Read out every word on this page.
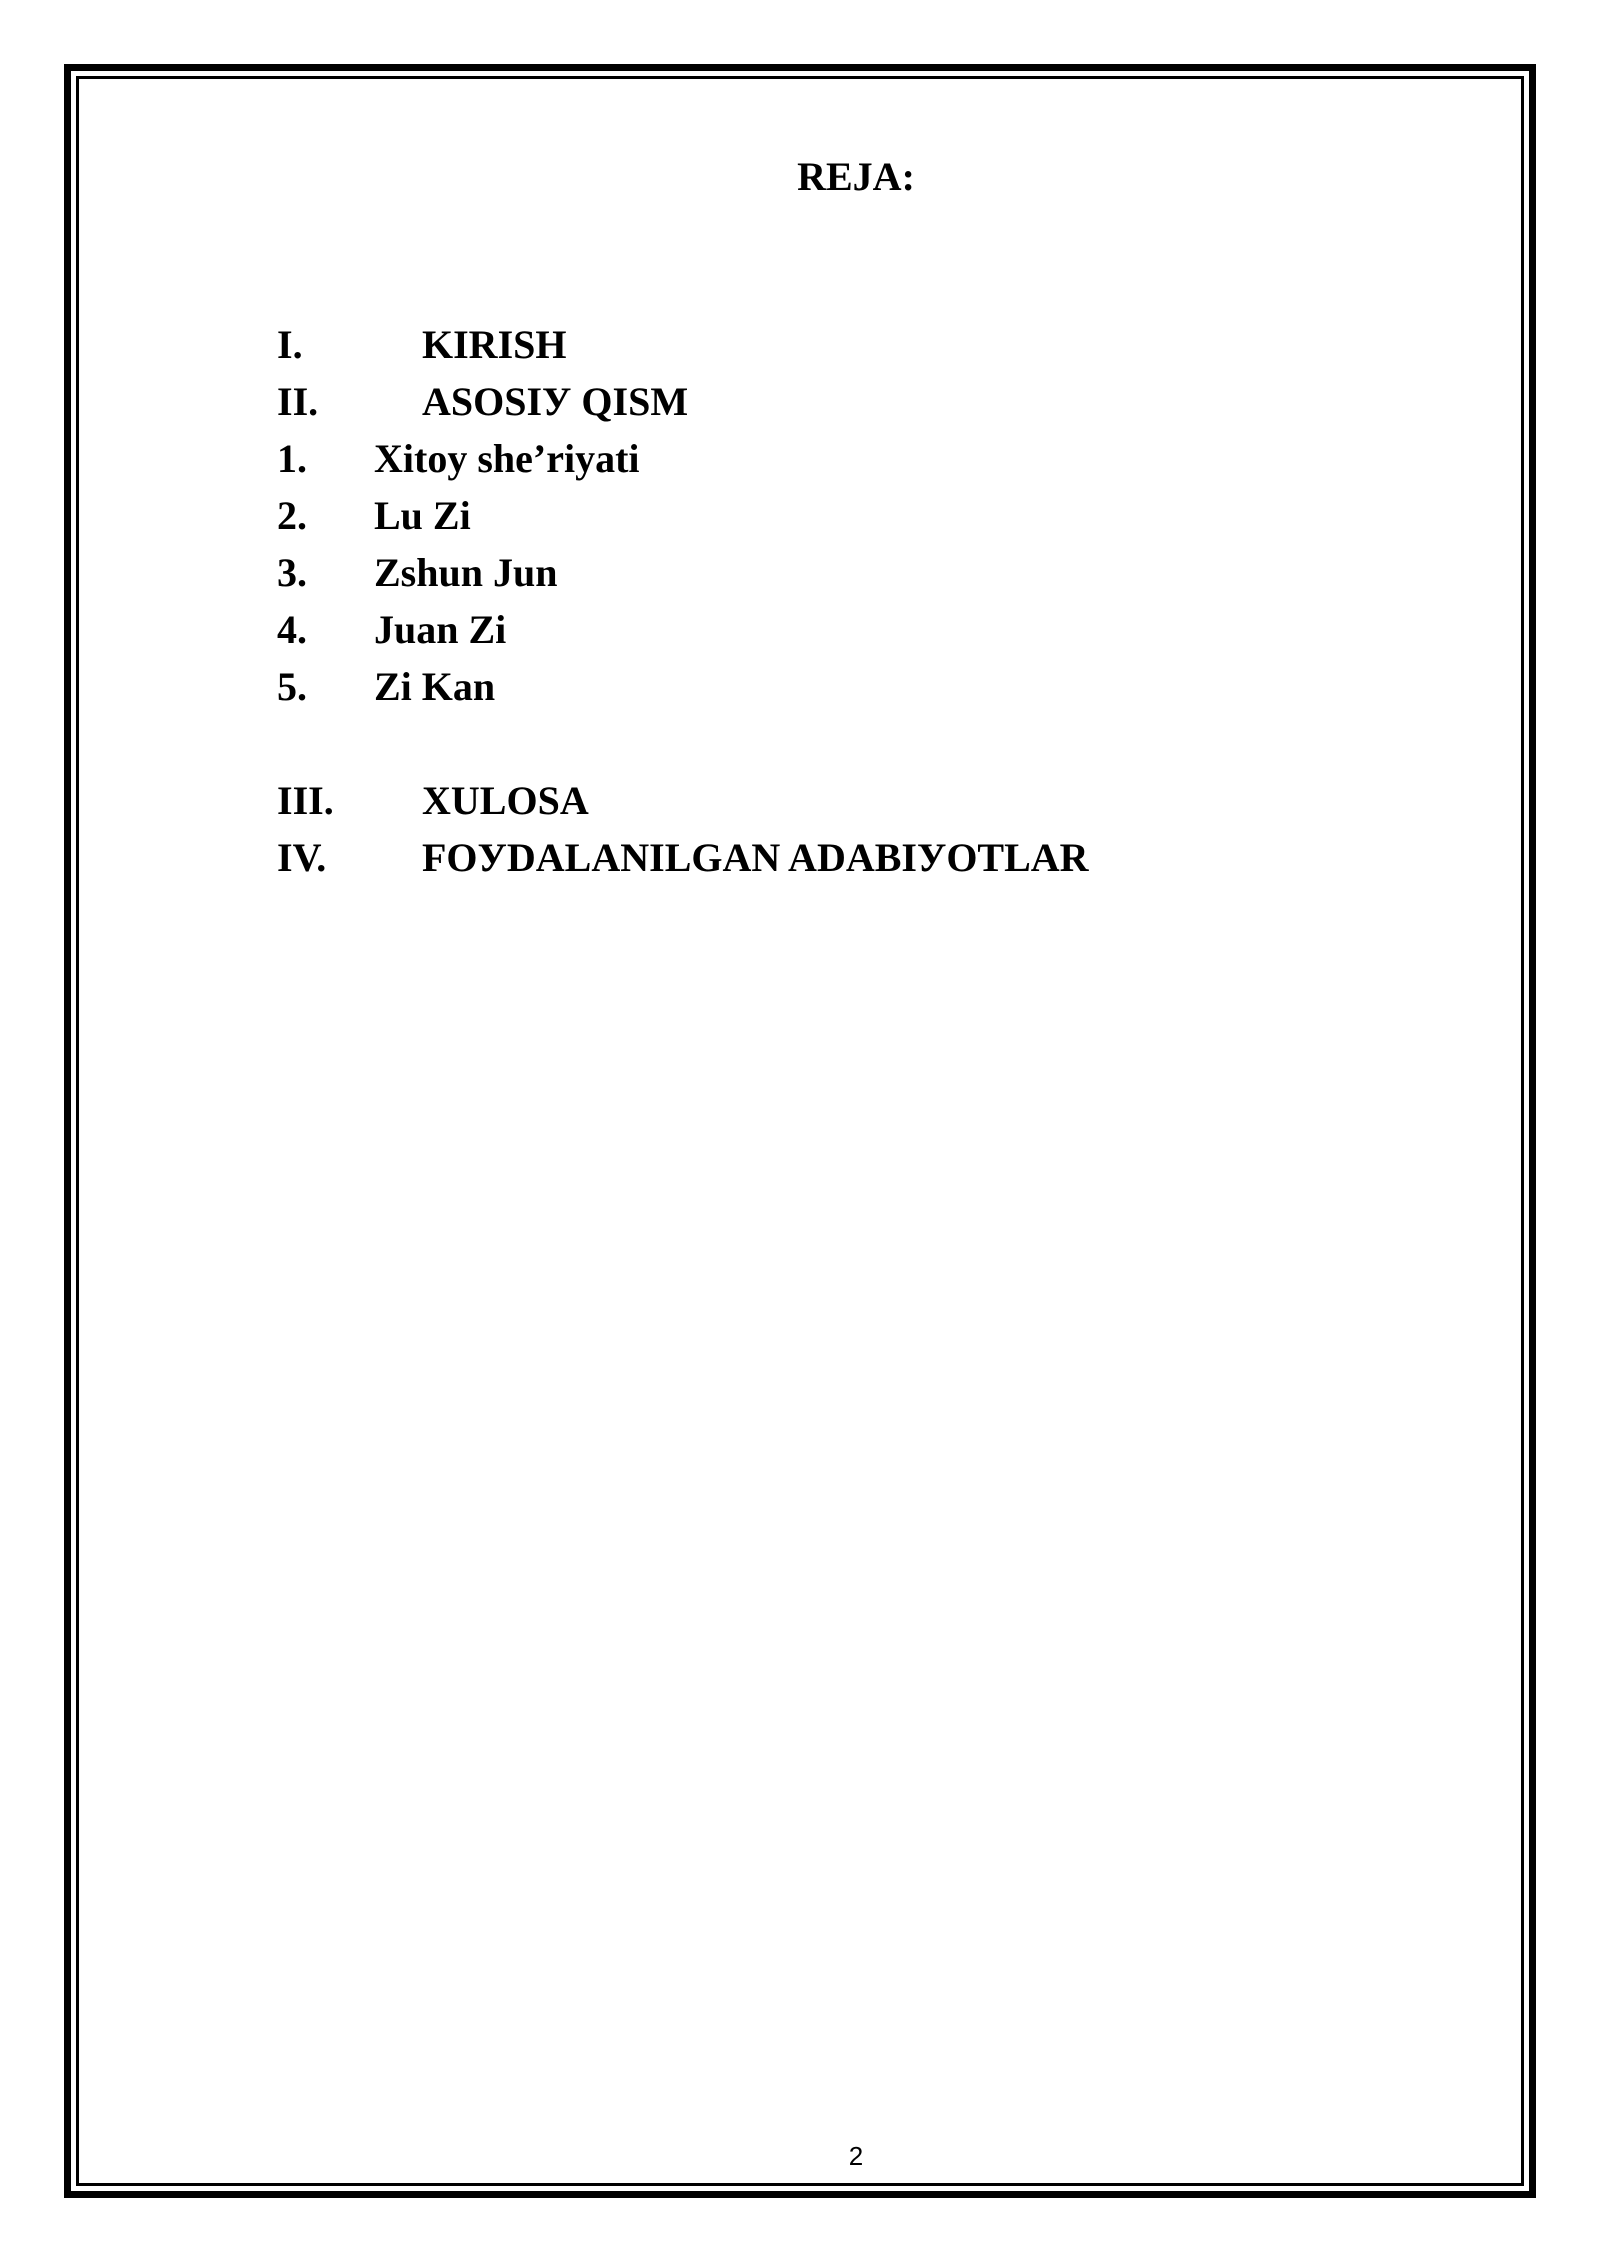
REJA:
I.	KIRISH
II.	ASOSIУ QISM
1. Xitoy she’riyati
2. Lu Zi
3. Zshun Jun
4. Juan Zi
5. Zi Kan
III. XULOSA
IV. FOУDALANILGAN ADABIУOTLAR
2
